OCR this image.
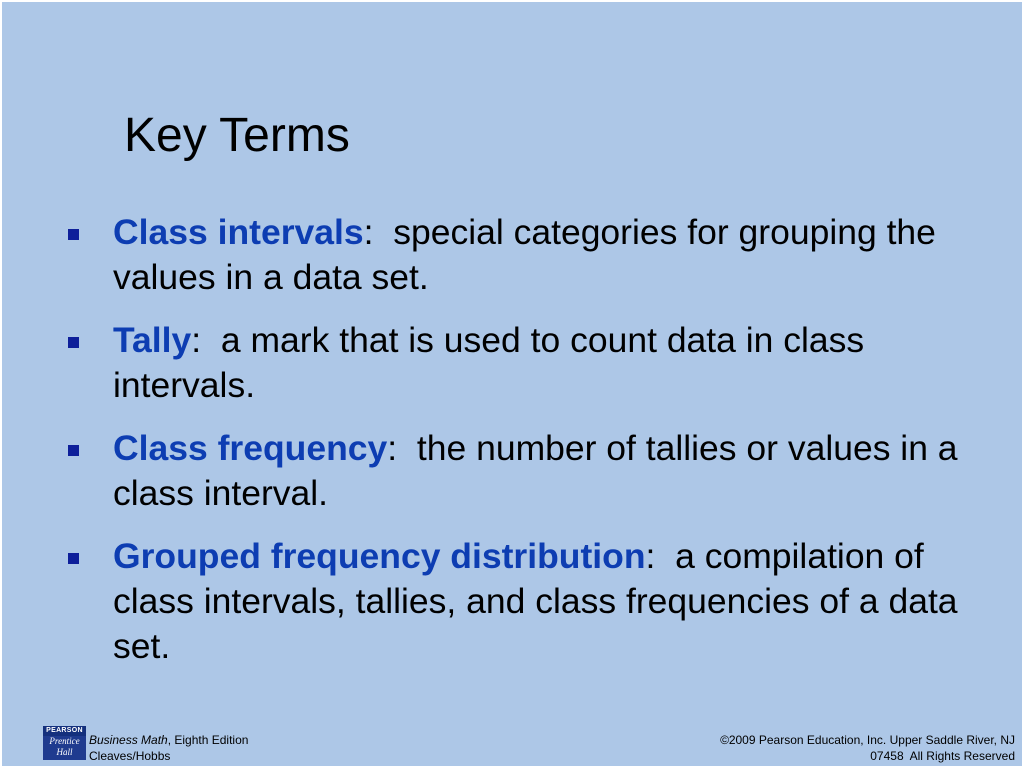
Key Terms
Class intervals:  special categories for grouping the values in a data set.
Tally:  a mark that is used to count data in class intervals.
Class frequency:  the number of tallies or values in a class interval.
Grouped frequency distribution:  a compilation of class intervals, tallies, and class frequencies of a data set.
PEARSON
Prentice
Hall
Business Math, Eighth Edition
Cleaves/Hobbs
©2009 Pearson Education, Inc. Upper Saddle River, NJ
07458  All Rights Reserved
